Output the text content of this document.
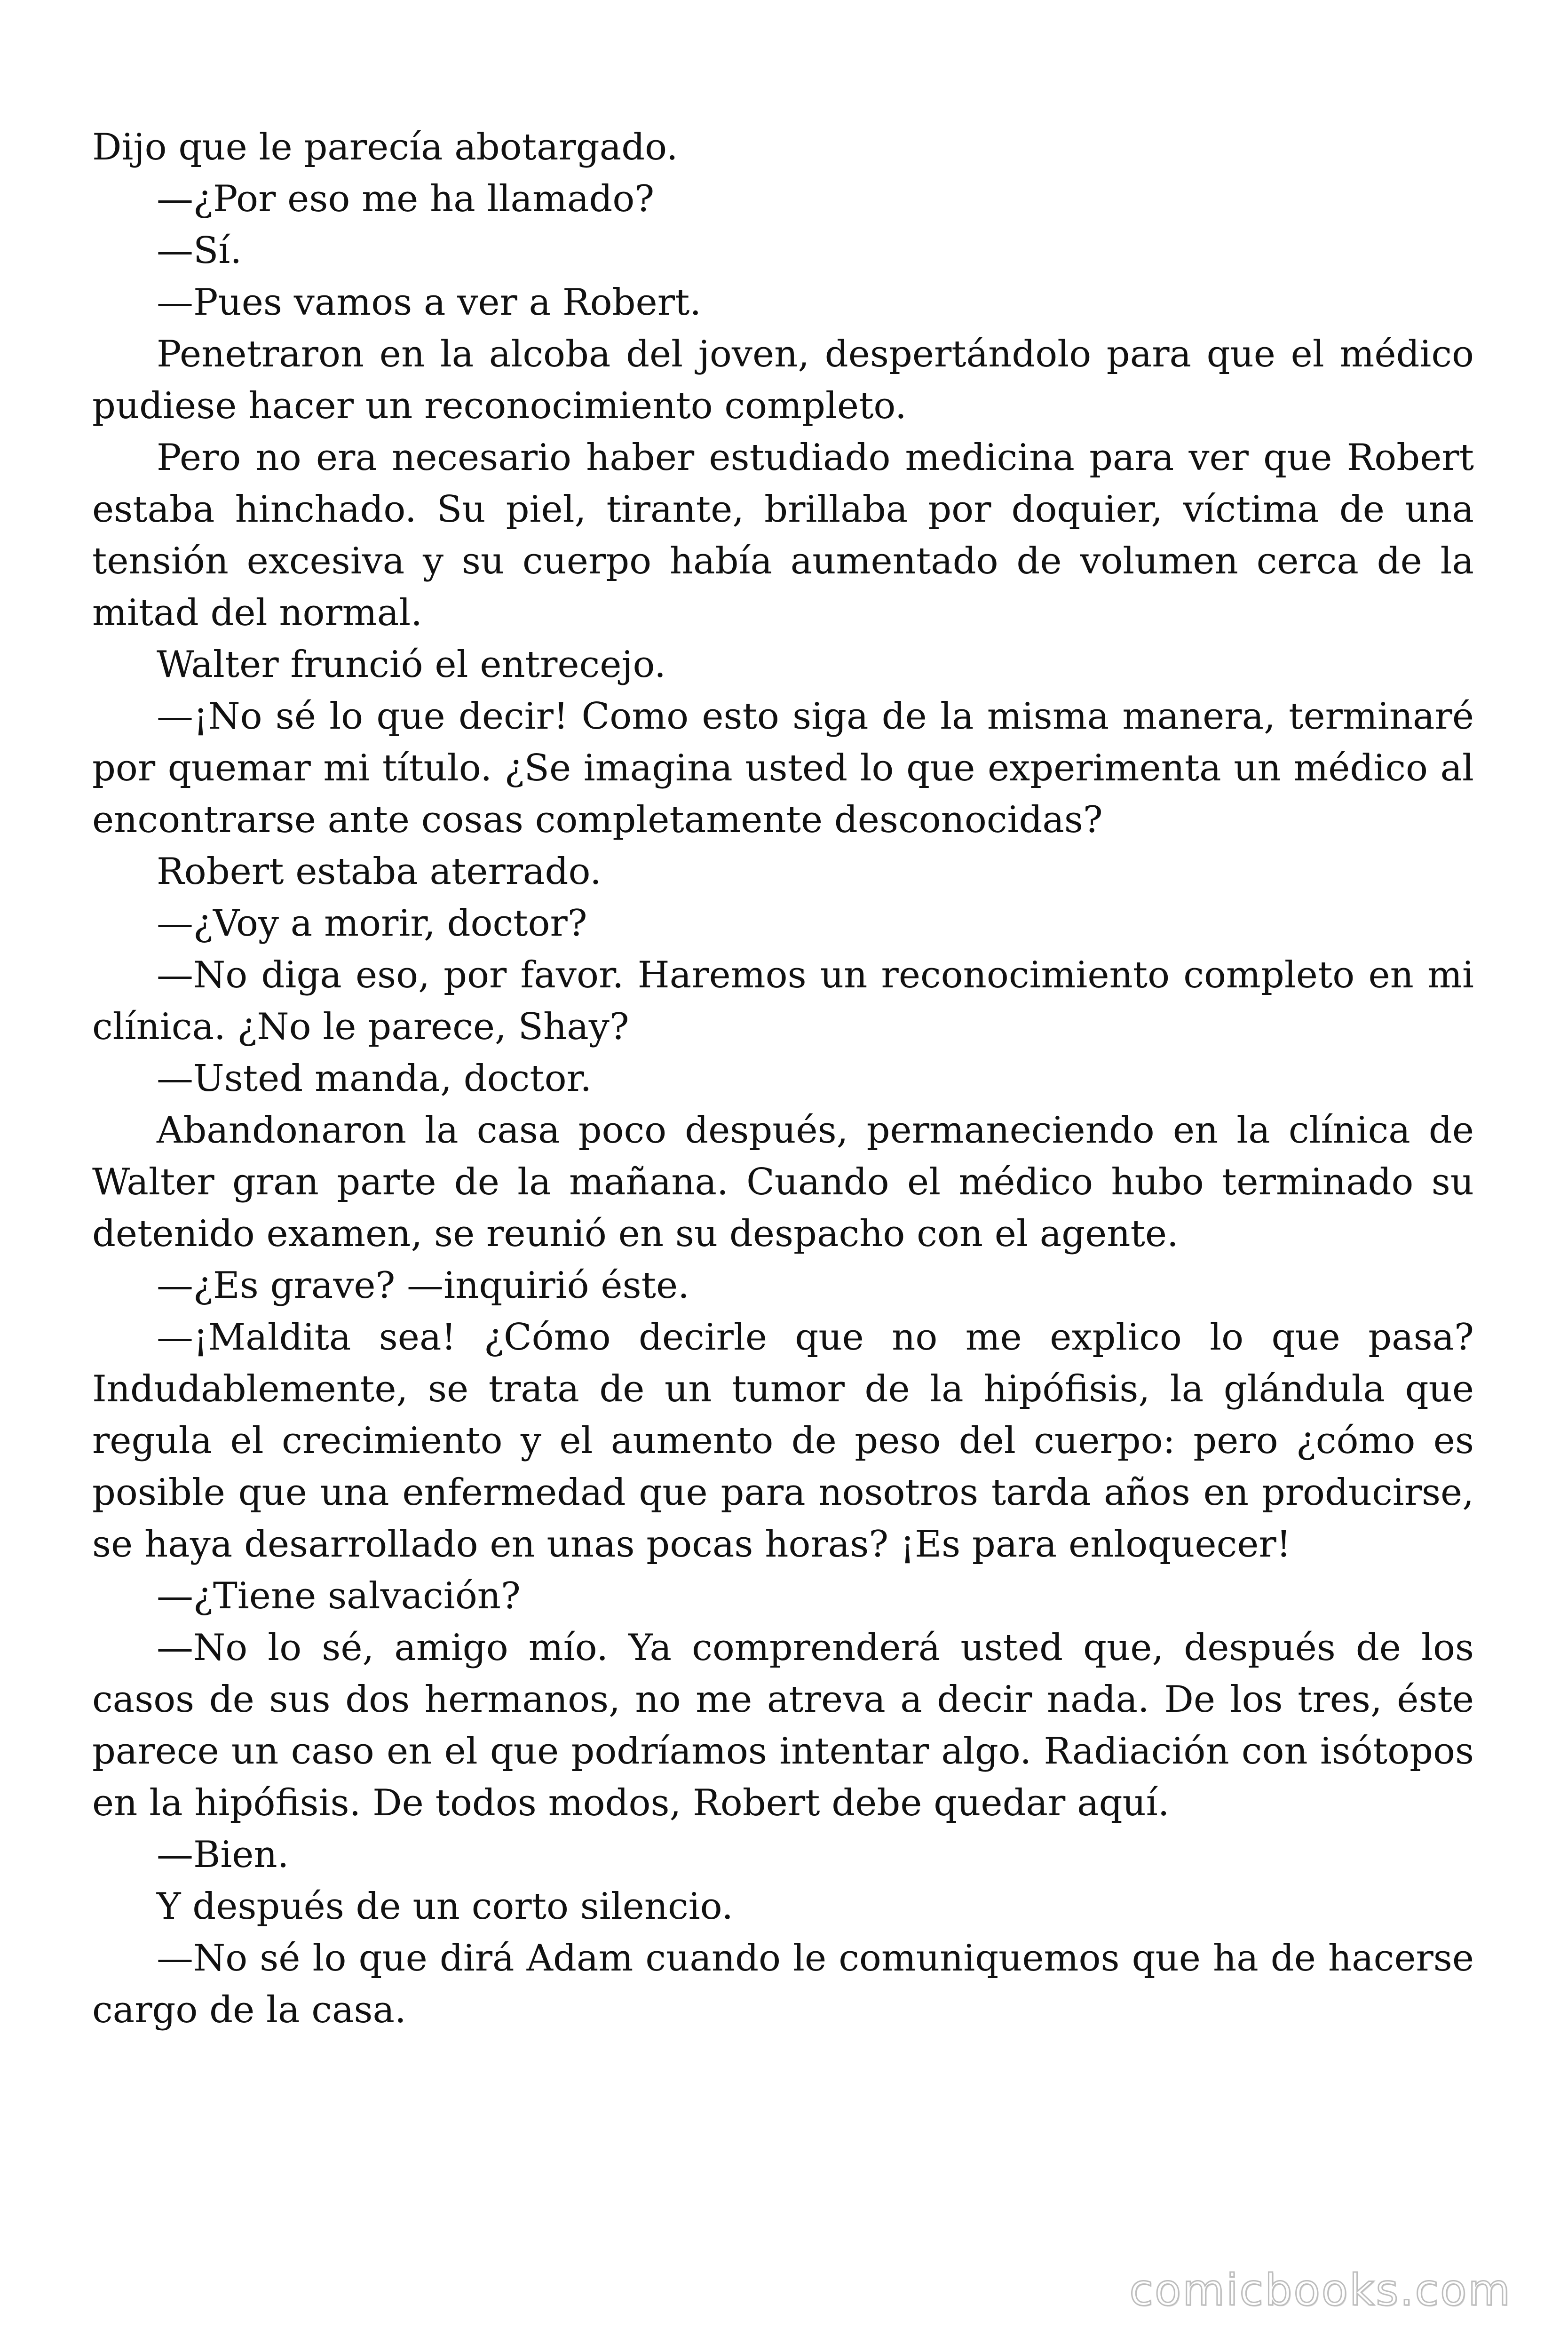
Dijo que le parecía abotargado.

—¿Por eso me ha llamado?

—Sí.

—Pues vamos a ver a Robert.

Penetraron en la alcoba del joven, despertándolo para que el médico pudiese hacer un reconocimiento completo.

Pero no era necesario haber estudiado medicina para ver que Robert estaba hinchado. Su piel, tirante, brillaba por doquier, víctima de una tensión excesiva y su cuerpo había aumentado de volumen cerca de la mitad del normal.

Walter frunció el entrecejo.

—¡No sé lo que decir! Como esto siga de la misma manera, terminaré por quemar mi título. ¿Se imagina usted lo que experimenta un médico al encontrarse ante cosas completamente desconocidas?

Robert estaba aterrado.

—¿Voy a morir, doctor?

—No diga eso, por favor. Haremos un reconocimiento completo en mi clínica. ¿No le parece, Shay?

—Usted manda, doctor.

Abandonaron la casa poco después, permaneciendo en la clínica de Walter gran parte de la mañana. Cuando el médico hubo terminado su detenido examen, se reunió en su despacho con el agente.

—¿Es grave? —inquirió éste.

—¡Maldita sea! ¿Cómo decirle que no me explico lo que pasa? Indudablemente, se trata de un tumor de la hipófisis, la glándula que regula el crecimiento y el aumento de peso del cuerpo: pero ¿cómo es posible que una enfermedad que para nosotros tarda años en producirse, se haya desarrollado en unas pocas horas? ¡Es para enloquecer!

—¿Tiene salvación?

—No lo sé, amigo mío. Ya comprenderá usted que, después de los casos de sus dos hermanos, no me atreva a decir nada. De los tres, éste parece un caso en el que podríamos intentar algo. Radiación con isótopos en la hipófisis. De todos modos, Robert debe quedar aquí.

—Bien.

Y después de un corto silencio.

—No sé lo que dirá Adam cuando le comuniquemos que ha de hacerse cargo de la casa.

comicbooks.com
